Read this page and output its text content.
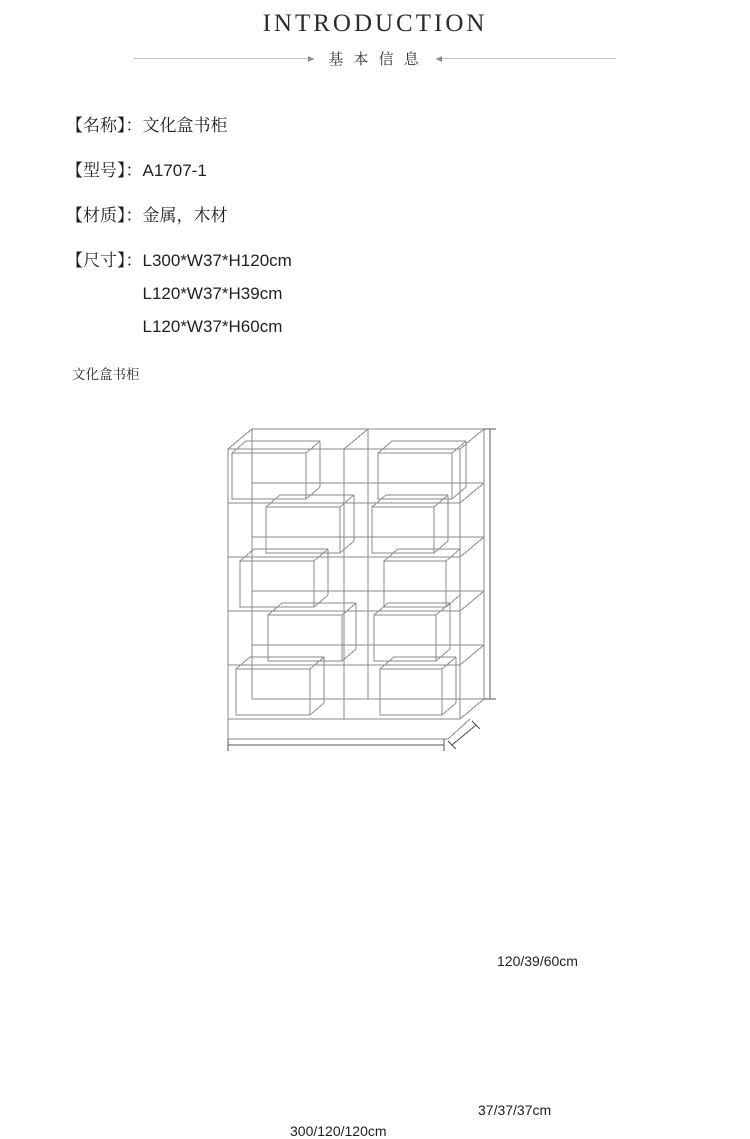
INTRODUCTION
基 本 信 息
【名称】： 文化盒书柜
【型号】： A1707-1
【材质】： 金属，木材
【尺寸】： L300*W37*H120cm
L120*W37*H39cm
L120*W37*H60cm
文化盒书柜
120/39/60cm
37/37/37cm
300/120/120cm
